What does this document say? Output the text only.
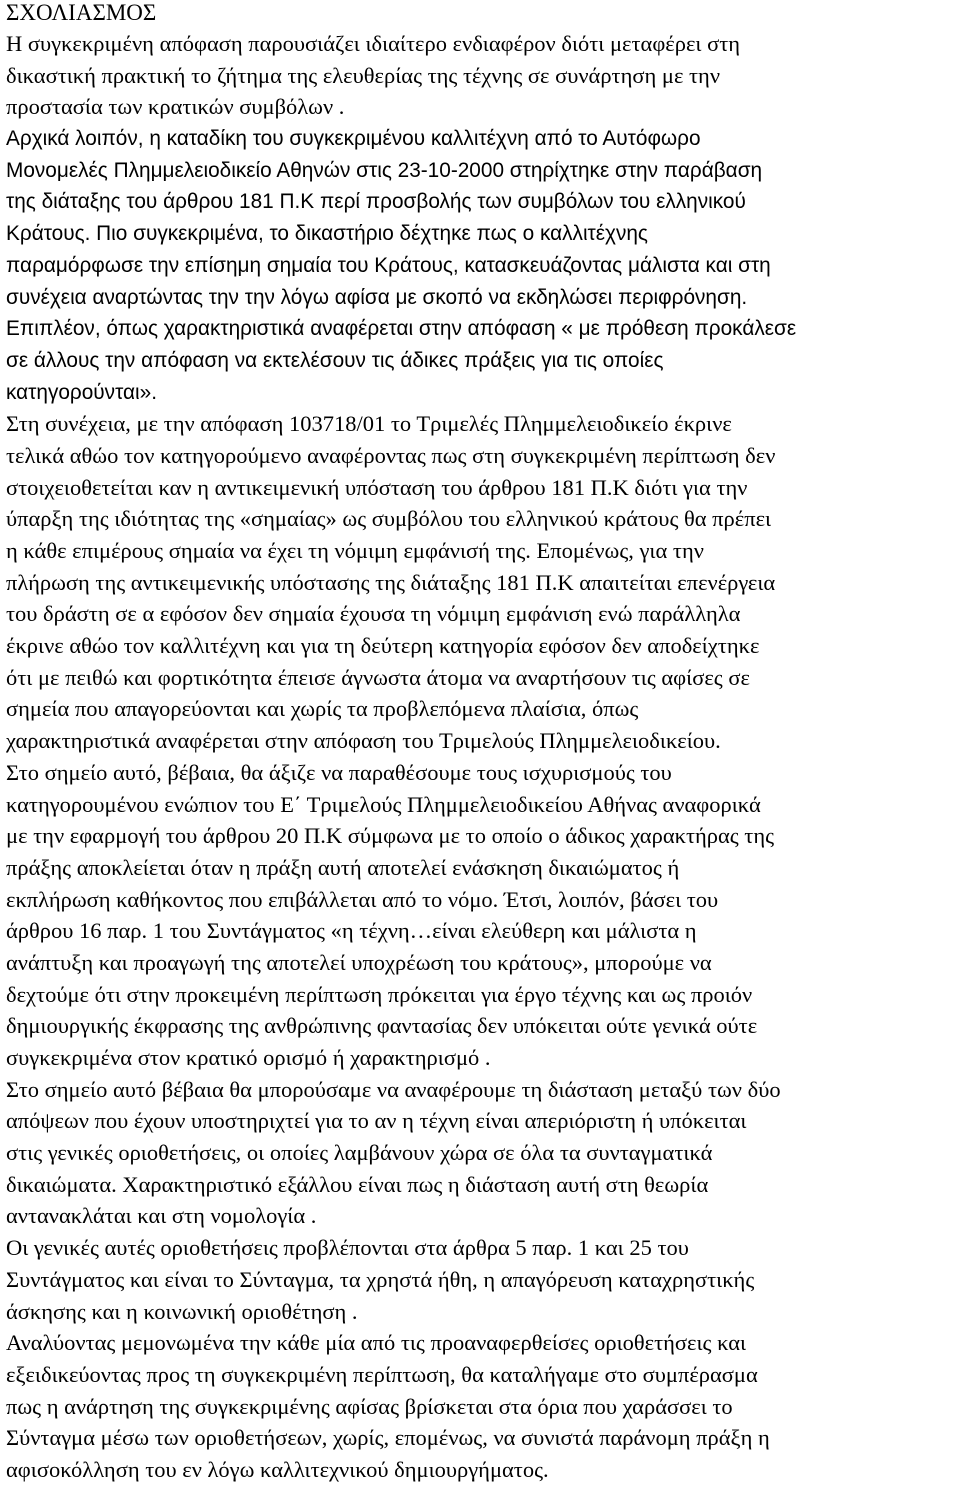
ΣΧΟΛΙΑΣΜΟΣ
Η συγκεκριμένη απόφαση παρουσιάζει ιδιαίτερο ενδιαφέρον διότι μεταφέρει στη
δικαστική πρακτική το ζήτημα της ελευθερίας της τέχνης σε συνάρτηση με την
προστασία των κρατικών συμβόλων .
Αρχικά λοιπόν, η καταδίκη του συγκεκριμένου καλλιτέχνη από το Αυτόφωρο
Μονομελές Πλημμελειοδικείο Αθηνών στις 23-10-2000 στηρίχτηκε στην παράβαση
της διάταξης του άρθρου 181 Π.Κ περί προσβολής των συμβόλων του ελληνικού
Κράτους. Πιο συγκεκριμένα, το δικαστήριο δέχτηκε πως ο καλλιτέχνης
παραμόρφωσε την επίσημη σημαία του Κράτους, κατασκευάζοντας μάλιστα και στη
συνέχεια αναρτώντας την την λόγω αφίσα με σκοπό να εκδηλώσει περιφρόνηση.
Επιπλέον, όπως χαρακτηριστικά αναφέρεται στην απόφαση « με πρόθεση προκάλεσε
σε άλλους την απόφαση να εκτελέσουν τις άδικες πράξεις για τις οποίες
κατηγορούνται».
Στη συνέχεια, με την απόφαση 103718/01 το Τριμελές Πλημμελειοδικείο έκρινε
τελικά αθώο τον κατηγορούμενο αναφέροντας πως στη συγκεκριμένη περίπτωση δεν
στοιχειοθετείται καν η αντικειμενική υπόσταση του άρθρου 181 Π.Κ διότι για την
ύπαρξη της ιδιότητας της «σημαίας» ως συμβόλου του ελληνικού κράτους θα πρέπει
η κάθε επιμέρους σημαία να έχει τη νόμιμη εμφάνισή της. Επομένως, για την
πλήρωση της αντικειμενικής υπόστασης της διάταξης 181 Π.Κ απαιτείται επενέργεια
του δράστη σε α εφόσον δεν σημαία έχουσα τη νόμιμη εμφάνιση ενώ παράλληλα
έκρινε αθώο τον καλλιτέχνη και για τη δεύτερη κατηγορία εφόσον δεν αποδείχτηκε
ότι με πειθώ και φορτικότητα έπεισε άγνωστα άτομα να αναρτήσουν τις αφίσες σε
σημεία που απαγορεύονται και χωρίς τα προβλεπόμενα πλαίσια, όπως
χαρακτηριστικά αναφέρεται στην απόφαση του Τριμελούς Πλημμελειοδικείου.
Στο σημείο αυτό, βέβαια, θα άξιζε να παραθέσουμε τους ισχυρισμούς του
κατηγορουμένου ενώπιον του Ε΄ Τριμελούς Πλημμελειοδικείου Αθήνας αναφορικά
με την εφαρμογή του άρθρου 20 Π.Κ σύμφωνα με το οποίο ο άδικος χαρακτήρας της
πράξης αποκλείεται όταν η πράξη αυτή αποτελεί ενάσκηση δικαιώματος ή
εκπλήρωση καθήκοντος που επιβάλλεται από το νόμο. Έτσι, λοιπόν, βάσει του
άρθρου 16 παρ. 1 του Συντάγματος «η τέχνη…είναι ελεύθερη και μάλιστα η
ανάπτυξη και προαγωγή της αποτελεί υποχρέωση του κράτους», μπορούμε να
δεχτούμε ότι στην προκειμένη περίπτωση πρόκειται για έργο τέχνης και ως προιόν
δημιουργικής έκφρασης της ανθρώπινης φαντασίας δεν υπόκειται ούτε γενικά ούτε
συγκεκριμένα στον κρατικό ορισμό ή χαρακτηρισμό .
Στο σημείο αυτό βέβαια θα μπορούσαμε να αναφέρουμε τη διάσταση μεταξύ των δύο
απόψεων που έχουν υποστηριχτεί για το αν η τέχνη είναι απεριόριστη ή υπόκειται
στις γενικές οριοθετήσεις, οι οποίες λαμβάνουν χώρα σε όλα τα συνταγματικά
δικαιώματα. Χαρακτηριστικό εξάλλου είναι πως η διάσταση αυτή στη θεωρία
αντανακλάται και στη νομολογία .
Οι γενικές αυτές οριοθετήσεις προβλέπονται στα άρθρα 5 παρ. 1 και 25 του
Συντάγματος και είναι το Σύνταγμα, τα χρηστά ήθη, η απαγόρευση καταχρηστικής
άσκησης και η κοινωνική οριοθέτηση .
Αναλύοντας μεμονωμένα την κάθε μία από τις προαναφερθείσες οριοθετήσεις και
εξειδικεύοντας προς τη συγκεκριμένη περίπτωση, θα καταλήγαμε στο συμπέρασμα
πως η ανάρτηση της συγκεκριμένης αφίσας βρίσκεται στα όρια που χαράσσει το
Σύνταγμα μέσω των οριοθετήσεων, χωρίς, επομένως, να συνιστά παράνομη πράξη η
αφισοκόλληση του εν λόγω καλλιτεχνικού δημιουργήματος.
